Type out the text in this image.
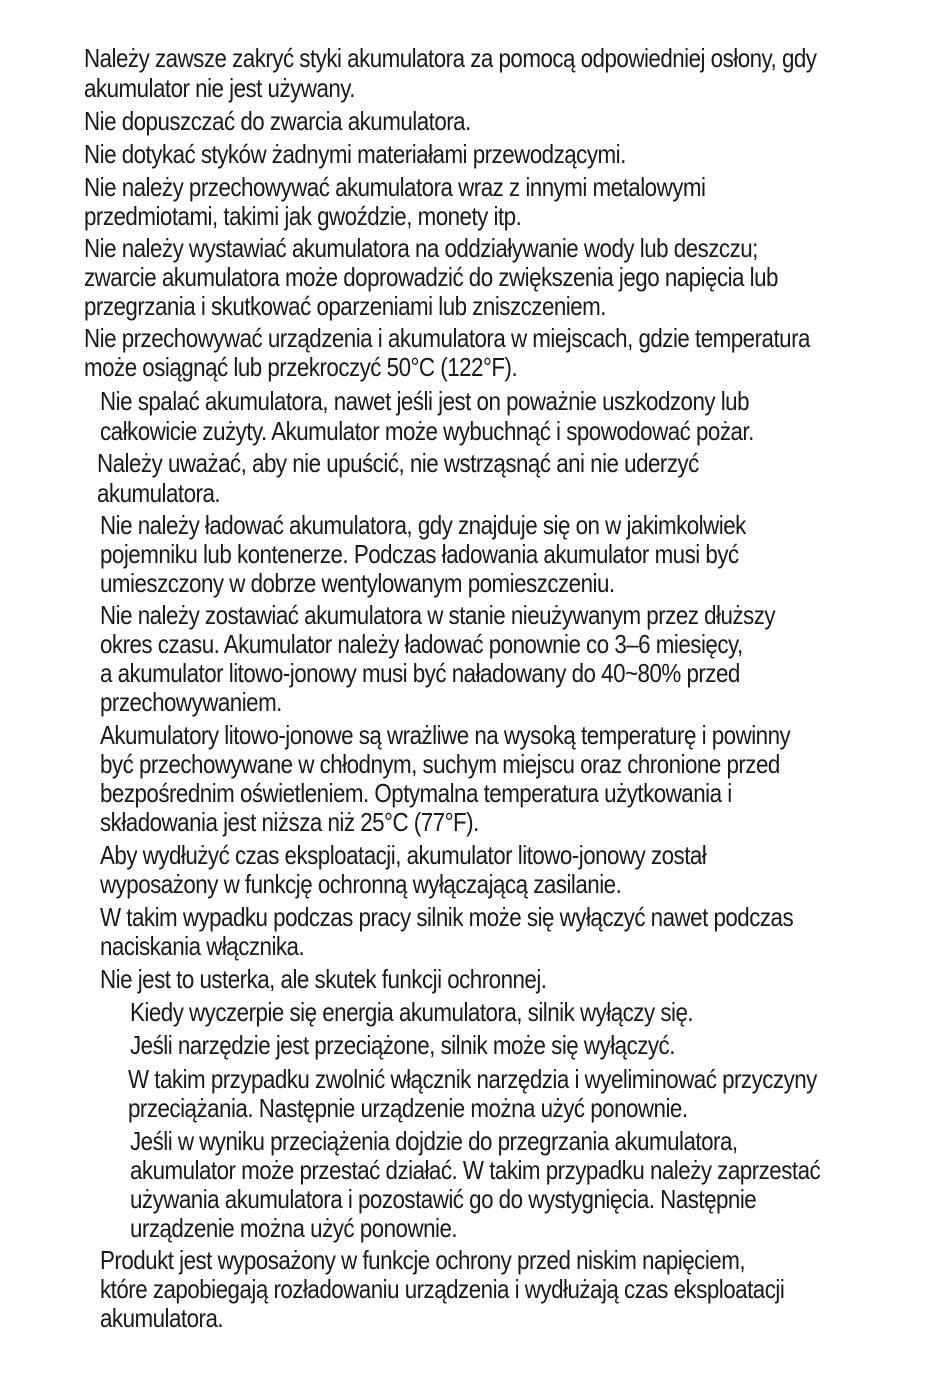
Należy zawsze zakryć styki akumulatora za pomocą odpowiedniej osłony, gdy

akumulator nie jest używany.

Nie dopuszczać do zwarcia akumulatora.

Nie dotykać styków żadnymi materiałami przewodzącymi.

Nie należy przechowywać akumulatora wraz z innymi metalowymi

przedmiotami, takimi jak gwoździe, monety itp.

Nie należy wystawiać akumulatora na oddziaływanie wody lub deszczu;

zwarcie akumulatora może doprowadzić do zwiększenia jego napięcia lub

przegrzania i skutkować oparzeniami lub zniszczeniem.

Nie przechowywać urządzenia i akumulatora w miejscach, gdzie temperatura

może osiągnąć lub przekroczyć 50°C (122°F).

Nie spalać akumulatora, nawet jeśli jest on poważnie uszkodzony lub

całkowicie zużyty. Akumulator może wybuchnąć i spowodować pożar.

Należy uważać, aby nie upuścić, nie wstrząsnąć ani nie uderzyć

akumulatora.

Nie należy ładować akumulatora, gdy znajduje się on w jakimkolwiek

pojemniku lub kontenerze. Podczas ładowania akumulator musi być

umieszczony w dobrze wentylowanym pomieszczeniu.

Nie należy zostawiać akumulatora w stanie nieużywanym przez dłuższy

okres czasu. Akumulator należy ładować ponownie co 3–6 miesięcy,

a akumulator litowo-jonowy musi być naładowany do 40~80% przed

przechowywaniem.

Akumulatory litowo-jonowe są wrażliwe na wysoką temperaturę i powinny

być przechowywane w chłodnym, suchym miejscu oraz chronione przed

bezpośrednim oświetleniem. Optymalna temperatura użytkowania i

składowania jest niższa niż 25°C (77°F).

Aby wydłużyć czas eksploatacji, akumulator litowo-jonowy został

wyposażony w funkcję ochronną wyłączającą zasilanie.

W takim wypadku podczas pracy silnik może się wyłączyć nawet podczas

naciskania włącznika.

Nie jest to usterka, ale skutek funkcji ochronnej.

Kiedy wyczerpie się energia akumulatora, silnik wyłączy się.

Jeśli narzędzie jest przeciążone, silnik może się wyłączyć.

W takim przypadku zwolnić włącznik narzędzia i wyeliminować przyczyny

przeciążania. Następnie urządzenie można użyć ponownie.

Jeśli w wyniku przeciążenia dojdzie do przegrzania akumulatora,

akumulator może przestać działać. W takim przypadku należy zaprzestać

używania akumulatora i pozostawić go do wystygnięcia. Następnie

urządzenie można użyć ponownie.

Produkt jest wyposażony w funkcje ochrony przed niskim napięciem,

które zapobiegają rozładowaniu urządzenia i wydłużają czas eksploatacji

akumulatora.
